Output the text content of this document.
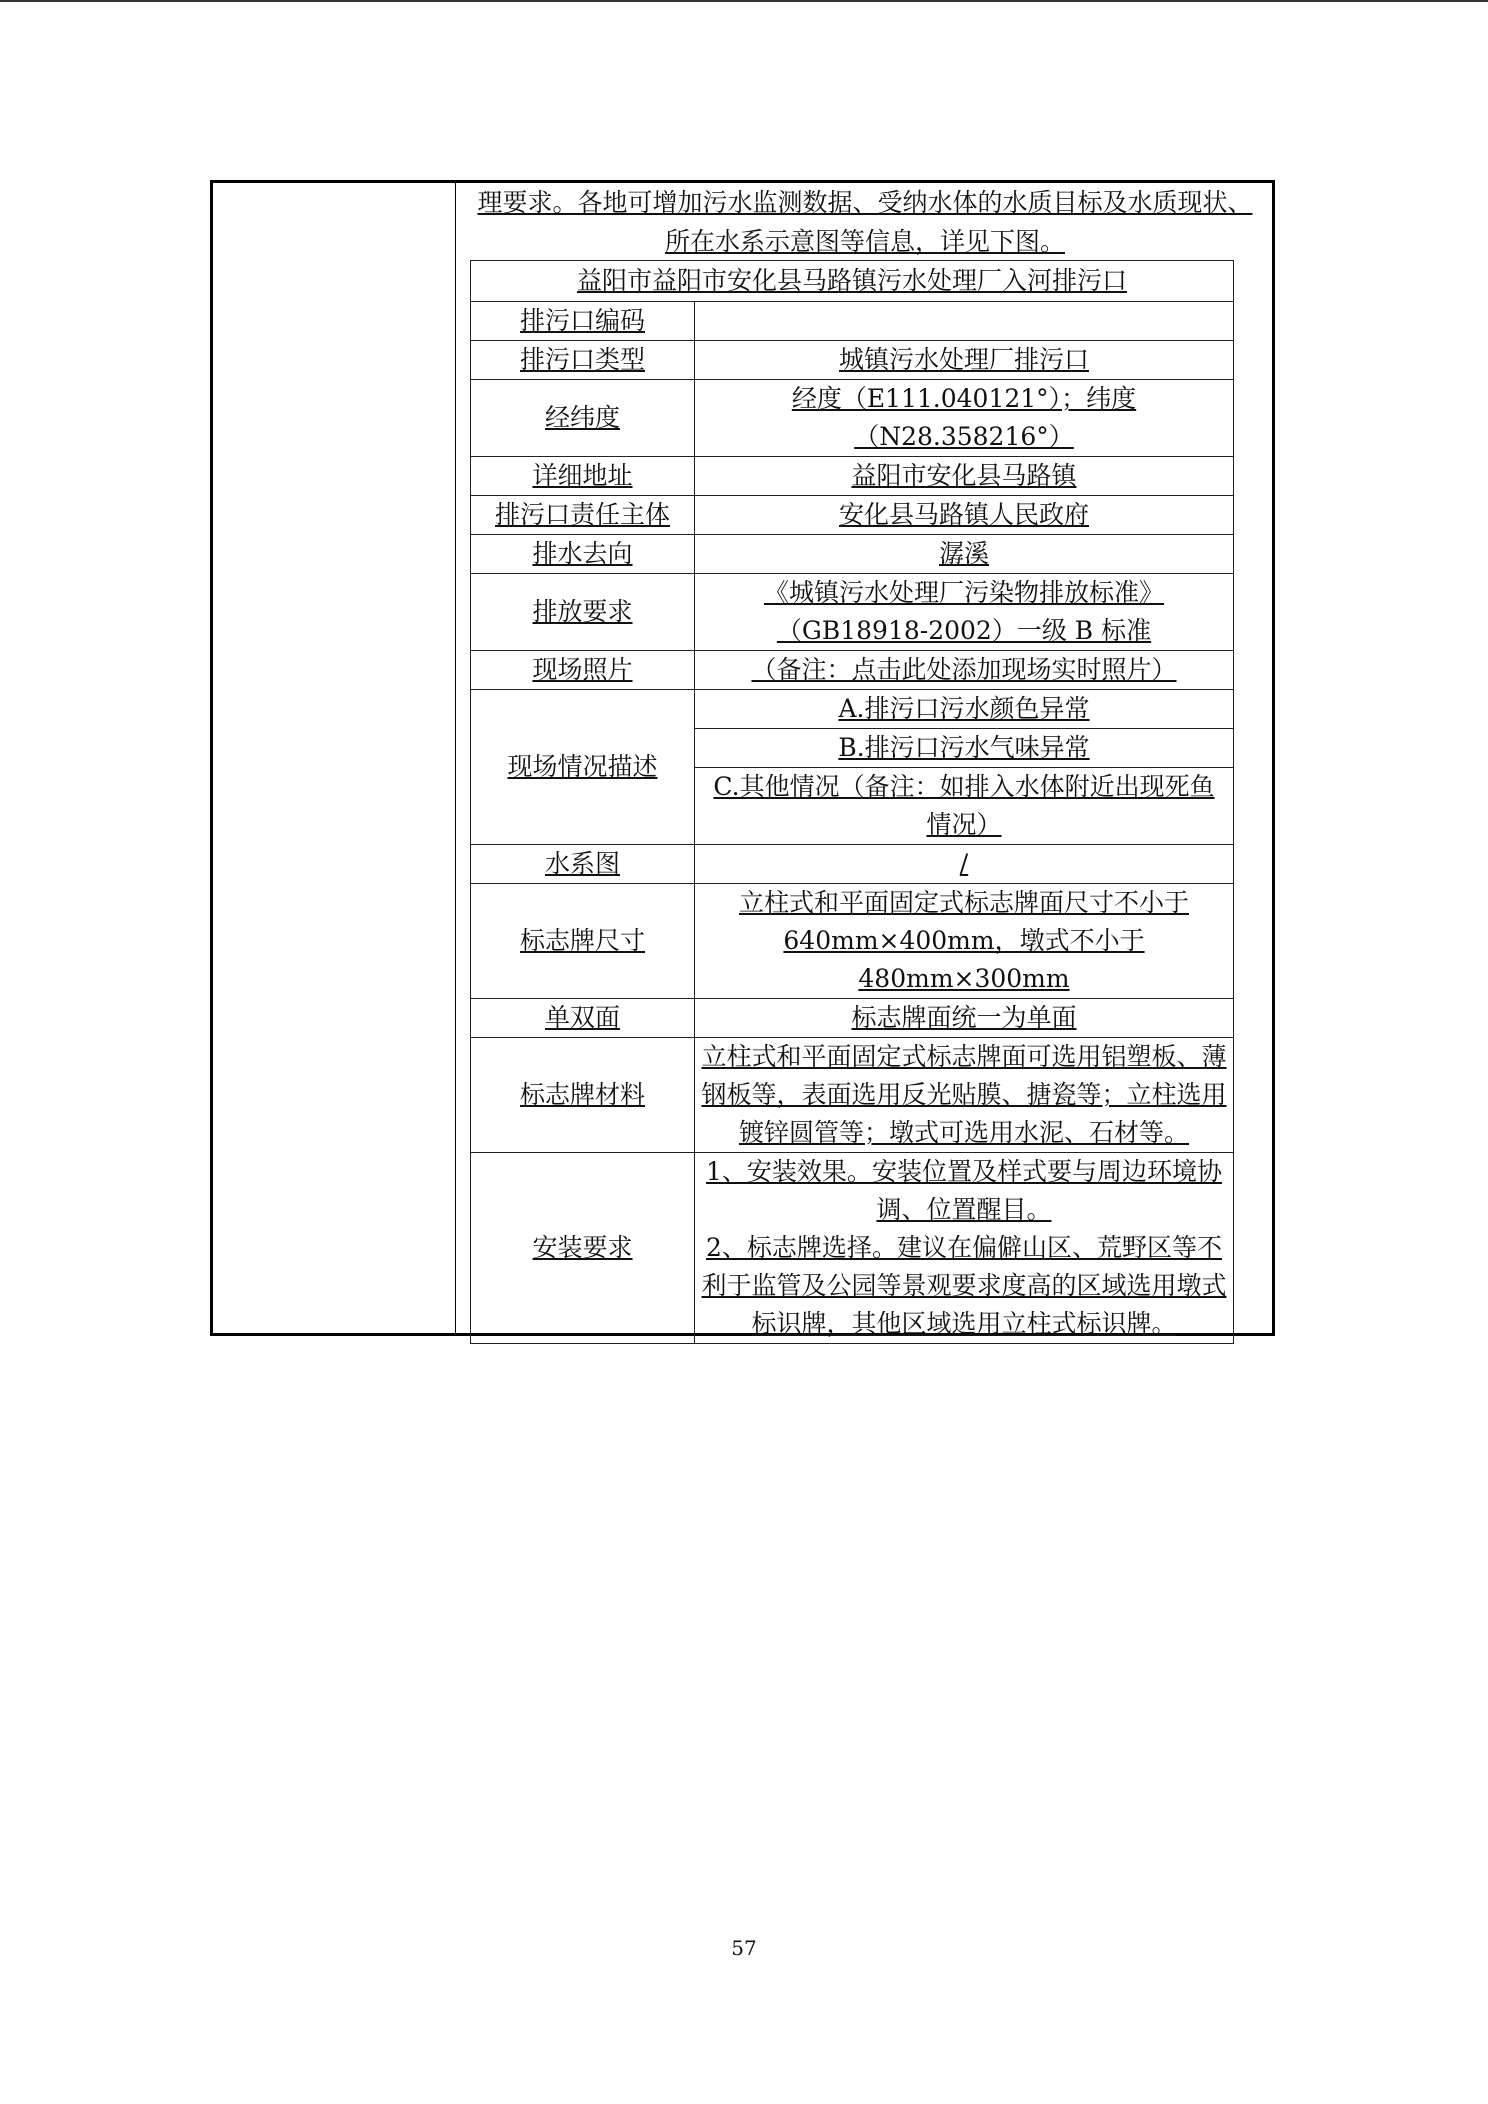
理要求。各地可增加污水监测数据、受纳水体的水质目标及水质现状、
所在水系示意图等信息，详见下图。
益阳市益阳市安化县马路镇污水处理厂入河排污口	
排污口编码	
排污口类型	城镇污水处理厂排污口
经纬度	经度（E111.040121°）；纬度（N28.358216°）
详细地址	益阳市安化县马路镇
排污口责任主体	安化县马路镇人民政府
排水去向	潺溪
排放要求	《城镇污水处理厂污染物排放标准》
（GB18918-2002）一级 B 标准

现场照片	（备注：点击此处添加现场实时照片）
现场情况描述	A.排污口污水颜色异常
	B.排污口污水气味异常
	C.其他情况（备注：如排入水体附近出现死鱼情况）
水系图	/
标志牌尺寸	立柱式和平面固定式标志牌面尺寸不小于
640mm×400mm，墩式不小于 480mm×300mm

单双面	标志牌面统一为单面
标志牌材料	立柱式和平面固定式标志牌面可选用铝塑板、薄钢板等，表面选用反光贴膜、搪瓷等；立柱选用镀锌圆管等；墩式可选用水泥、石材等。
安装要求	1、安装效果。安装位置及样式要与周边环境协调、位置醒目。
2、标志牌选择。建议在偏僻山区、荒野区等不利于监管及公园等景观要求度高的区域选用墩式标识牌，其他区域选用立柱式标识牌。
57
